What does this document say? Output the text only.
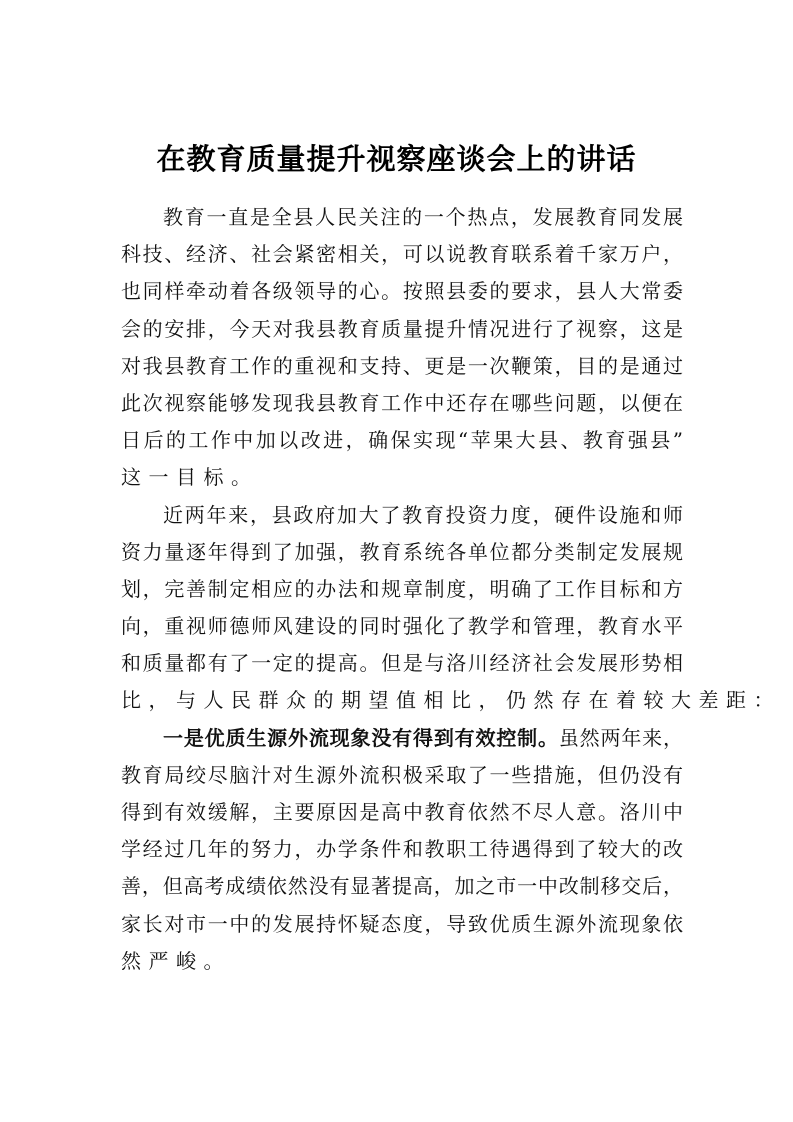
在教育质量提升视察座谈会上的讲话
教育一直是全县人民关注的一个热点，发展教育同发展
科技、经济、社会紧密相关，可以说教育联系着千家万户，
也同样牵动着各级领导的心。按照县委的要求，县人大常委
会的安排，今天对我县教育质量提升情况进行了视察，这是
对我县教育工作的重视和支持、更是一次鞭策，目的是通过
此次视察能够发现我县教育工作中还存在哪些问题，以便在
日后的工作中加以改进，确保实现“苹果大县、教育强县”
这一目标。
近两年来，县政府加大了教育投资力度，硬件设施和师
资力量逐年得到了加强，教育系统各单位都分类制定发展规
划，完善制定相应的办法和规章制度，明确了工作目标和方
向，重视师德师风建设的同时强化了教学和管理，教育水平
和质量都有了一定的提高。但是与洛川经济社会发展形势相
比，与人民群众的期望值相比，仍然存在着较大差距：
一是优质生源外流现象没有得到有效控制。虽然两年来，
教育局绞尽脑汁对生源外流积极采取了一些措施，但仍没有
得到有效缓解，主要原因是高中教育依然不尽人意。洛川中
学经过几年的努力，办学条件和教职工待遇得到了较大的改
善，但高考成绩依然没有显著提高，加之市一中改制移交后，
家长对市一中的发展持怀疑态度，导致优质生源外流现象依
然严峻。
